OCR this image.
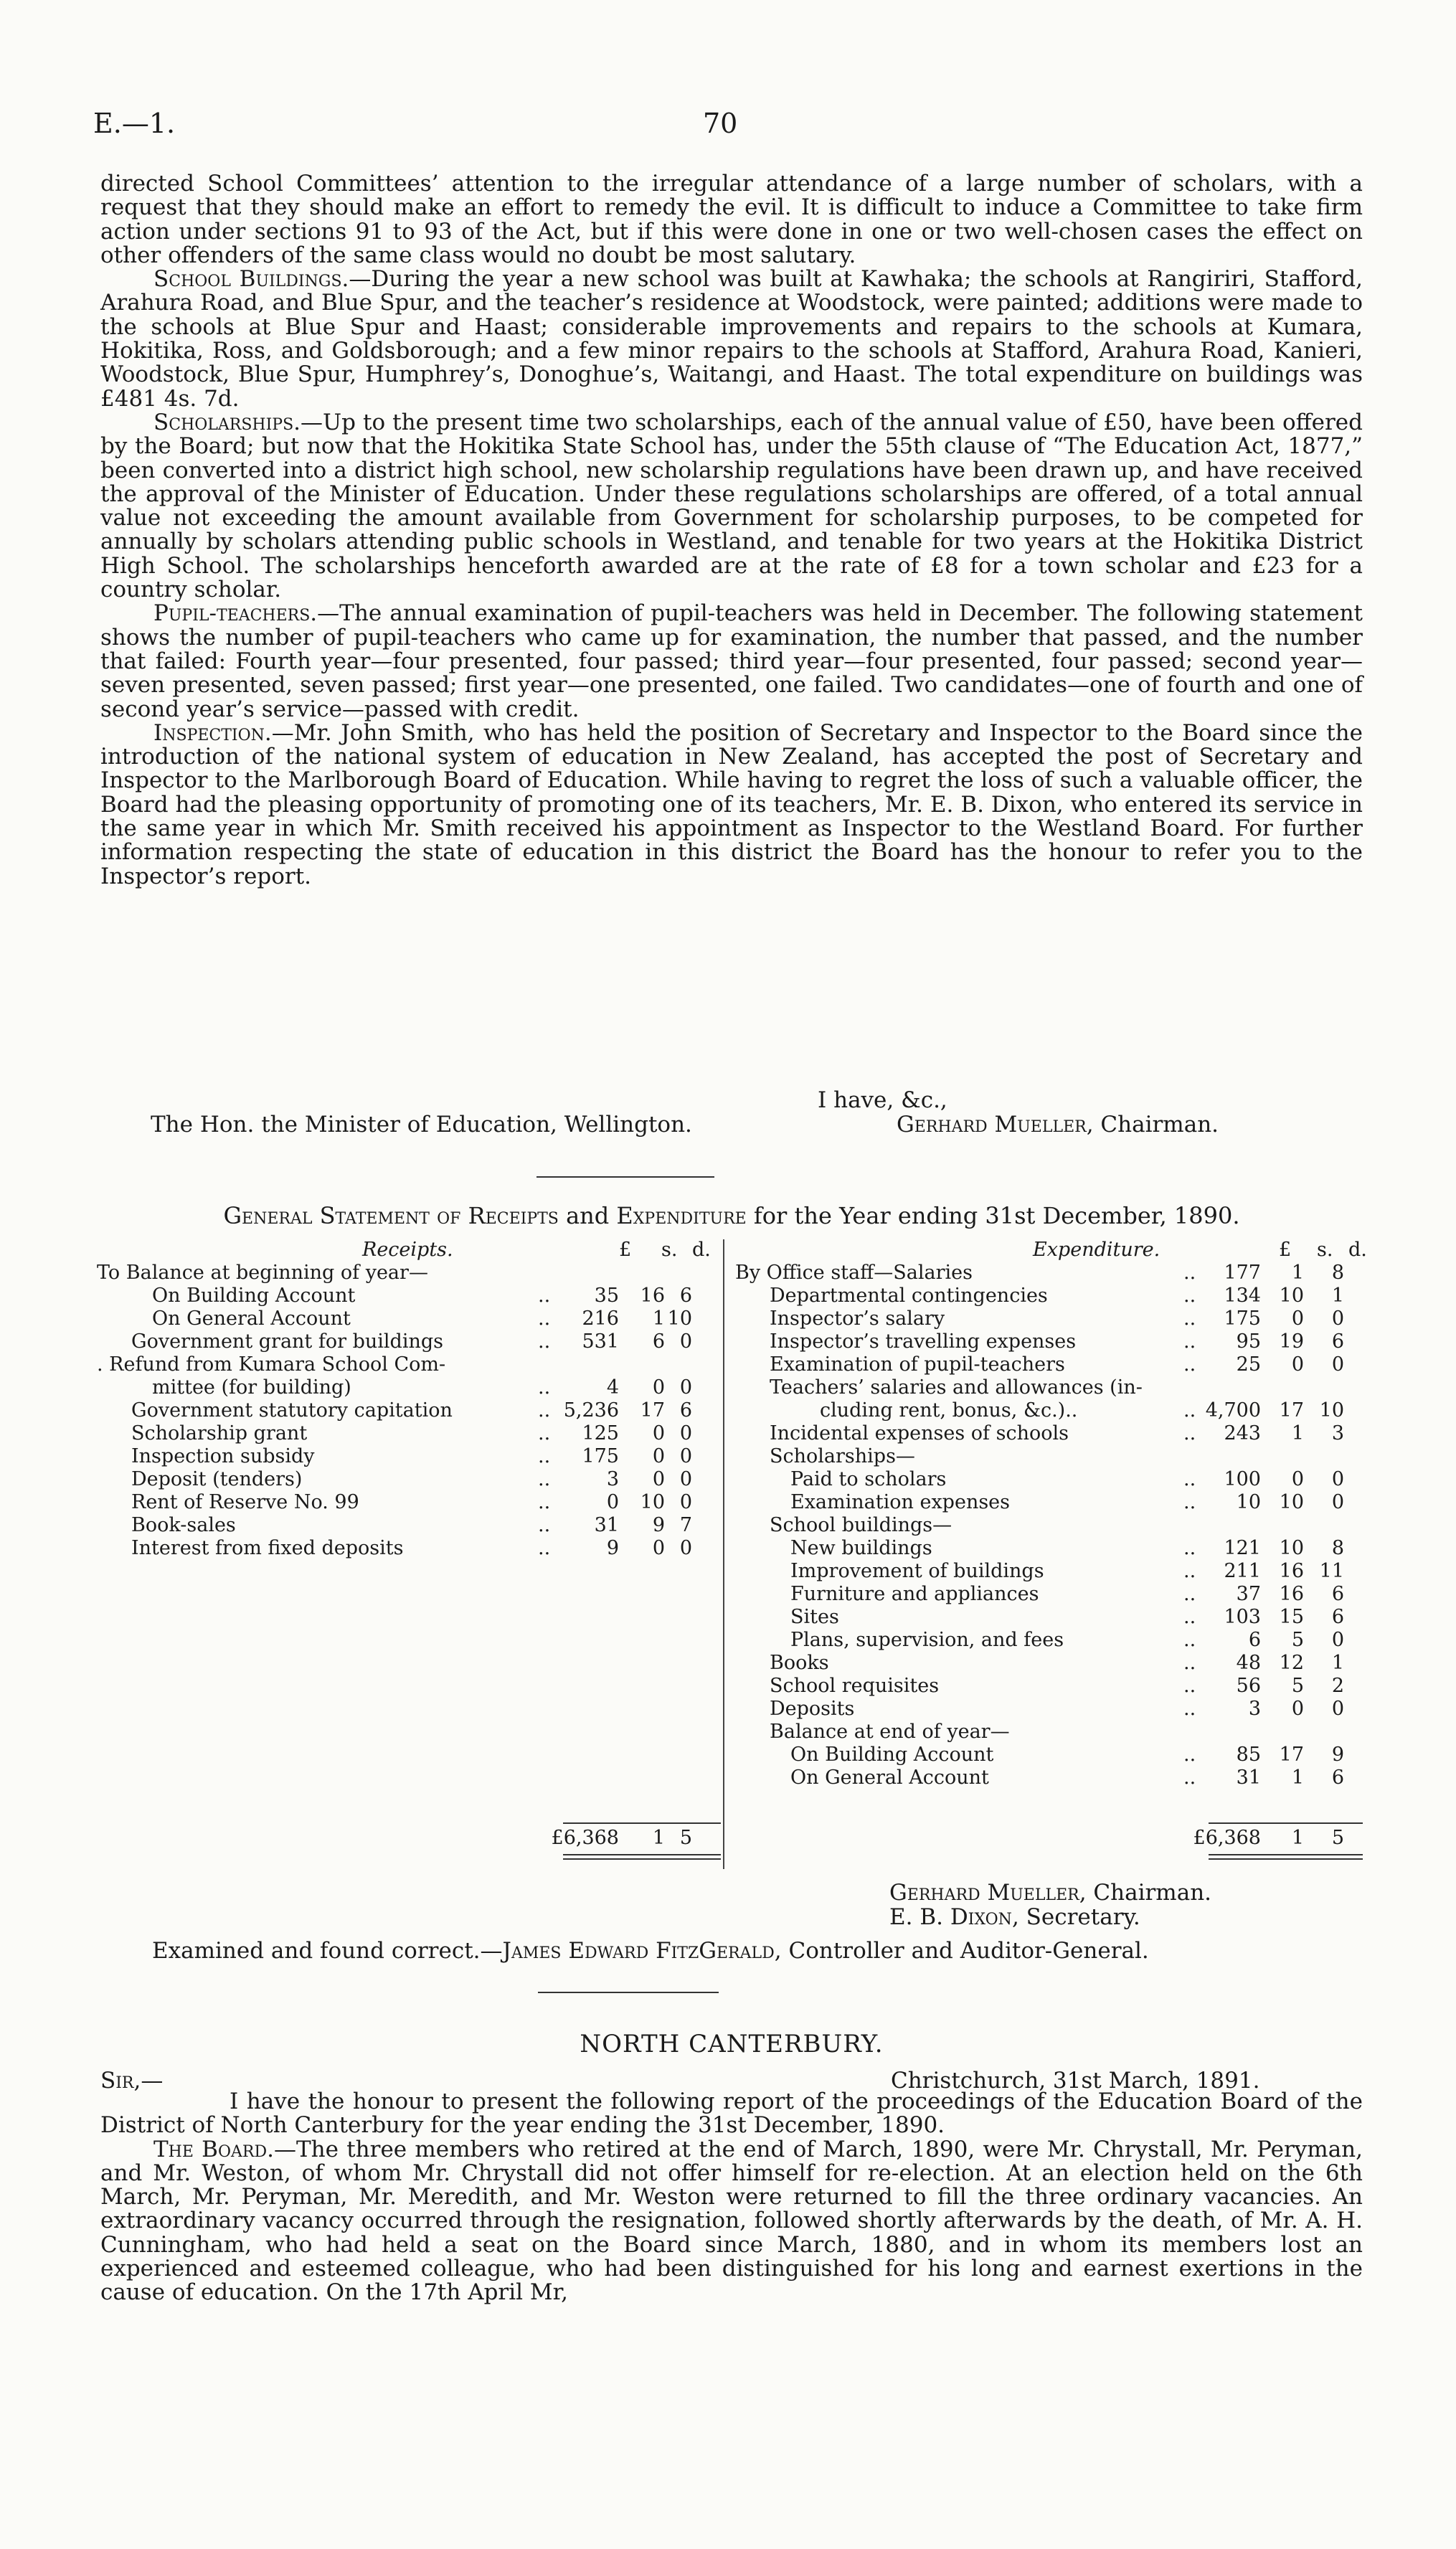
E.—1.	70

directed School Committees’ attention to the irregular attendance of a large number of scholars, with a request that they should make an effort to remedy the evil. It is difficult to induce a Committee to take firm action under sections 91 to 93 of the Act, but if this were done in one or two well-chosen cases the effect on other offenders of the same class would no doubt be most salutary.

School Buildings.—During the year a new school was built at Kawhaka; the schools at Rangiriri, Stafford, Arahura Road, and Blue Spur, and the teacher’s residence at Woodstock, were painted; additions were made to the schools at Blue Spur and Haast; considerable improvements and repairs to the schools at Kumara, Hokitika, Ross, and Goldsborough; and a few minor repairs to the schools at Stafford, Arahura Road, Kanieri, Woodstock, Blue Spur, Humphrey’s, Donoghue’s, Waitangi, and Haast. The total expenditure on buildings was £481 4s. 7d.

Scholarships.—Up to the present time two scholarships, each of the annual value of £50, have been offered by the Board; but now that the Hokitika State School has, under the 55th clause of “The Education Act, 1877,” been converted into a district high school, new scholarship regulations have been drawn up, and have received the approval of the Minister of Education. Under these regulations scholarships are offered, of a total annual value not exceeding the amount available from Government for scholarship purposes, to be competed for annually by scholars attending public schools in Westland, and tenable for two years at the Hokitika District High School. The scholarships henceforth awarded are at the rate of £8 for a town scholar and £23 for a country scholar.

Pupil-teachers.—The annual examination of pupil-teachers was held in December. The following statement shows the number of pupil-teachers who came up for examination, the number that passed, and the number that failed: Fourth year—four presented, four passed; third year—four presented, four passed; second year—seven presented, seven passed; first year—one presented, one failed. Two candidates—one of fourth and one of second year’s service—passed with credit.

Inspection.—Mr. John Smith, who has held the position of Secretary and Inspector to the Board since the introduction of the national system of education in New Zealand, has accepted the post of Secretary and Inspector to the Marlborough Board of Education. While having to regret the loss of such a valuable officer, the Board had the pleasing opportunity of promoting one of its teachers, Mr. E. B. Dixon, who entered its service in the same year in which Mr. Smith received his appointment as Inspector to the Westland Board. For further information respecting the state of education in this district the Board has the honour to refer you to the Inspector’s report.

I have, &c.,
The Hon. the Minister of Education, Wellington.	Gerhard Mueller, Chairman.
General Statement of Receipts and Expenditure for the Year ending 31st December, 1890.
Receipts.	£ s. d.
To Balance at beginning of year—
On Building Account	.. 35 16 6
On General Account	.. 216 1 10
Government grant for buildings	.. 531 6 0
. Refund from Kumara School Com-
mittee (for building)	..	4 0 0
Government statutory capitation	.. 5,236 17 6
Scholarship grant	.. 125 0 0
Inspection subsidy	.. 175 0 0
Deposit (tenders)	..	3 0 0
Rent of Reserve No. 99	..	0 10 0
Book-sales	.. 31 9 7
Interest from fixed deposits	..	9 0 0
£6,368 1 5
Expenditure.	£ s. d.
By Office staff—Salaries	.. 177 1 8
Departmental contingencies	.. 134 10 1
Inspector’s salary	.. 175 0 0
Inspector’s travelling expenses	.. 95 19 6
Examination of pupil-teachers	.. 25 0 0
Teachers’ salaries and allowances (in-
cluding rent, bonus, &c.)..	.. 4,700 17 10
Incidental expenses of schools	.. 243 1 3
Scholarships—
Paid to scholars	.. 100 0 0
Examination expenses	.. 10 10 0
School buildings—
New buildings	.. 121 10 8
Improvement of buildings	.. 211 16 11
Furniture and appliances	.. 37 16 6
Sites	.. 103 15 6
Plans, supervision, and fees	..	6 5 0
Books	.. 48 12 1
School requisites	.. 56 5 2
Deposits	..	3 0 0
Balance at end of year—
On Building Account	.. 85 17 9
On General Account	.. 31 1 6
£6,368 1 5
Gerhard Mueller, Chairman.
E. B. Dixon, Secretary.
Examined and found correct.—James Edward FitzGerald, Controller and Auditor-General.
NORTH CANTERBURY.
Sir,—	Christchurch, 31st March, 1891.

I have the honour to present the following report of the proceedings of the Education Board of the District of North Canterbury for the year ending the 31st December, 1890.

The Board.—The three members who retired at the end of March, 1890, were Mr. Chrystall, Mr. Peryman, and Mr. Weston, of whom Mr. Chrystall did not offer himself for re-election. At an election held on the 6th March, Mr. Peryman, Mr. Meredith, and Mr. Weston were returned to fill the three ordinary vacancies. An extraordinary vacancy occurred through the resignation, followed shortly afterwards by the death, of Mr. A. H. Cunningham, who had held a seat on the Board since March, 1880, and in whom its members lost an experienced and esteemed colleague, who had been distinguished for his long and earnest exertions in the cause of education. On the 17th April Mr,
